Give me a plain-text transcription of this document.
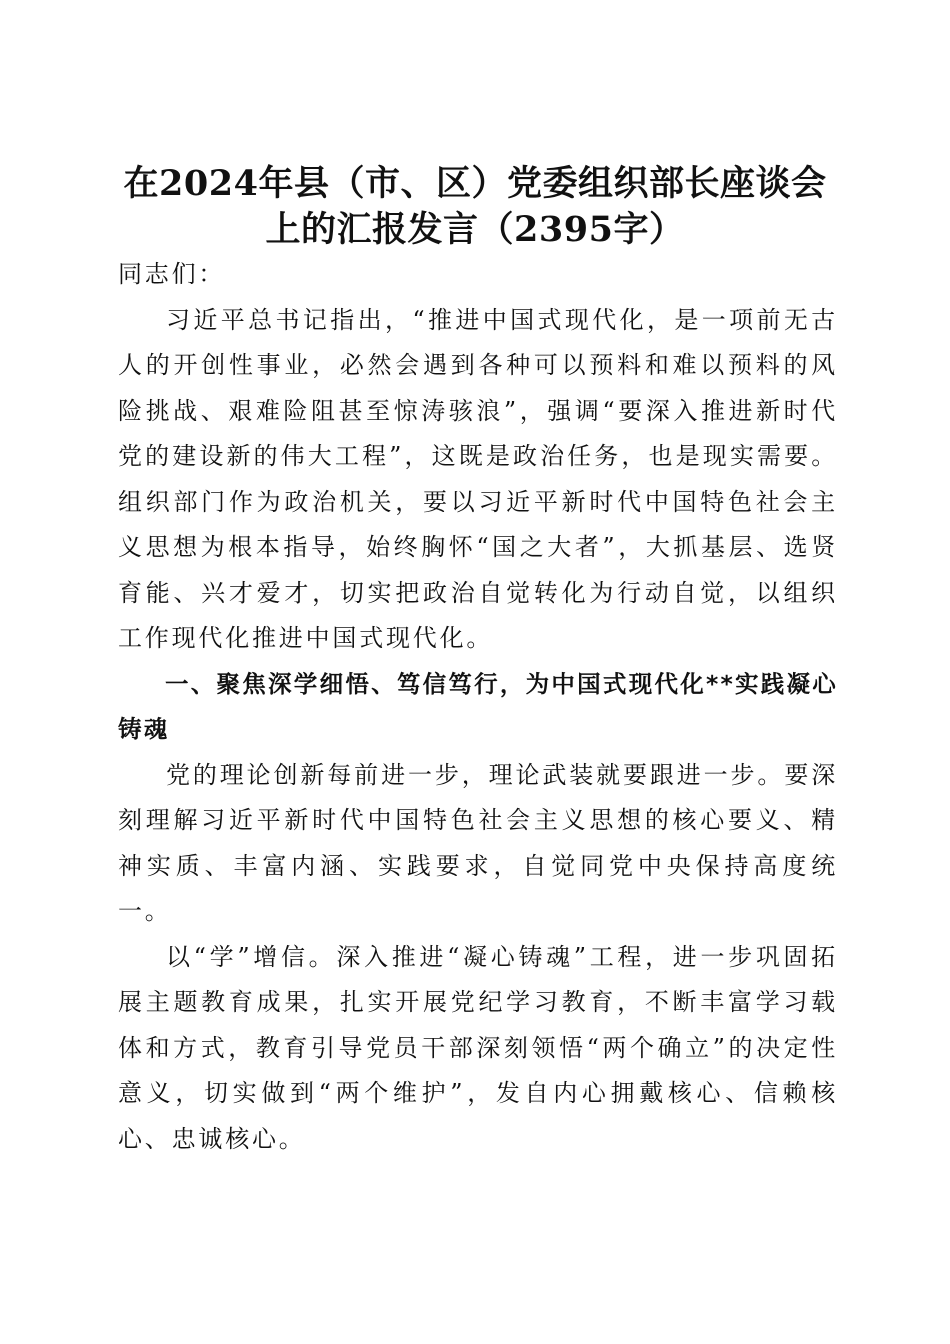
在2024年县（市、区）党委组织部长座谈会
上的汇报发言（2395字）

同志们：

习近平总书记指出，“推进中国式现代化，是一项前无古人的开创性事业，必然会遇到各种可以预料和难以预料的风险挑战、艰难险阻甚至惊涛骇浪”，强调“要深入推进新时代党的建设新的伟大工程”，这既是政治任务，也是现实需要。组织部门作为政治机关，要以习近平新时代中国特色社会主义思想为根本指导，始终胸怀“国之大者”，大抓基层、选贤育能、兴才爱才，切实把政治自觉转化为行动自觉，以组织工作现代化推进中国式现代化。

一、聚焦深学细悟、笃信笃行，为中国式现代化**实践凝心铸魂

党的理论创新每前进一步，理论武装就要跟进一步。要深刻理解习近平新时代中国特色社会主义思想的核心要义、精神实质、丰富内涵、实践要求，自觉同党中央保持高度统一。

以“学”增信。深入推进“凝心铸魂”工程，进一步巩固拓展主题教育成果，扎实开展党纪学习教育，不断丰富学习载体和方式，教育引导党员干部深刻领悟“两个确立”的决定性意义，切实做到“两个维护”，发自内心拥戴核心、信赖核心、忠诚核心。
